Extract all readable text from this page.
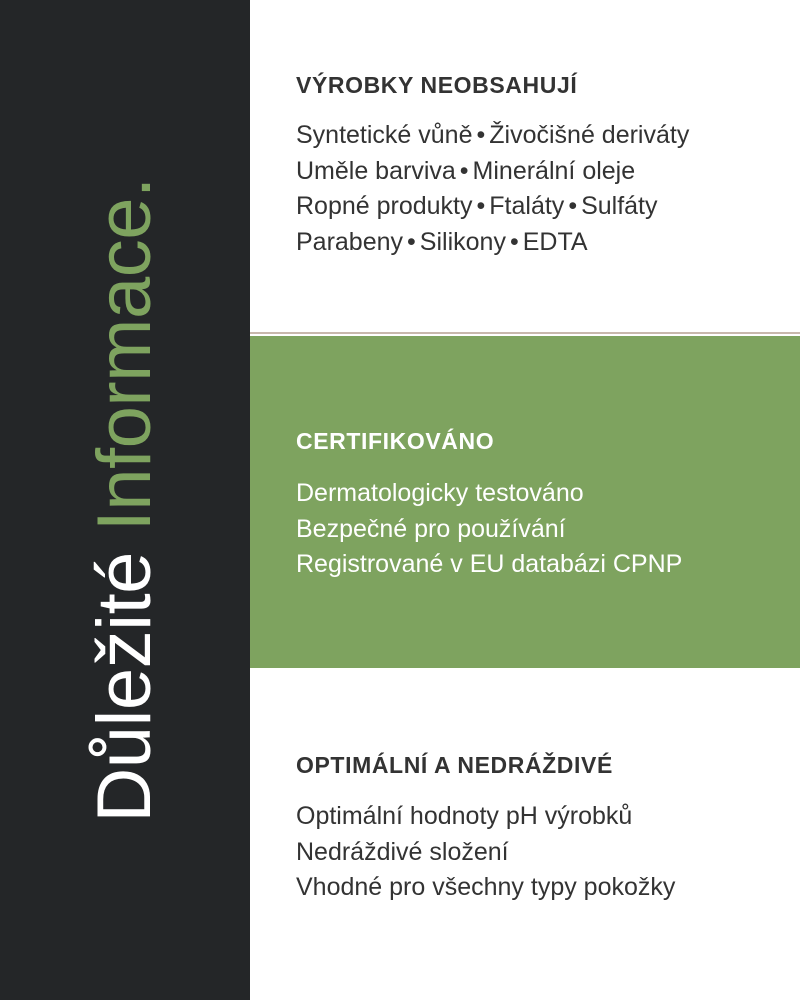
Důležité Informace.
VÝROBKY NEOBSAHUJÍ
Syntetické vůně • Živočišné deriváty
Uměle barviva • Minerální oleje
Ropné produkty • Ftaláty • Sulfáty
Parabeny • Silikony • EDTA
CERTIFIKOVÁNO
Dermatologicky testováno
Bezpečné pro používání
Registrované v EU databázi CPNP
OPTIMÁLNÍ A NEDRÁŽDIVÉ
Optimální hodnoty pH výrobků
Nedráždivé složení
Vhodné pro všechny typy pokožky
